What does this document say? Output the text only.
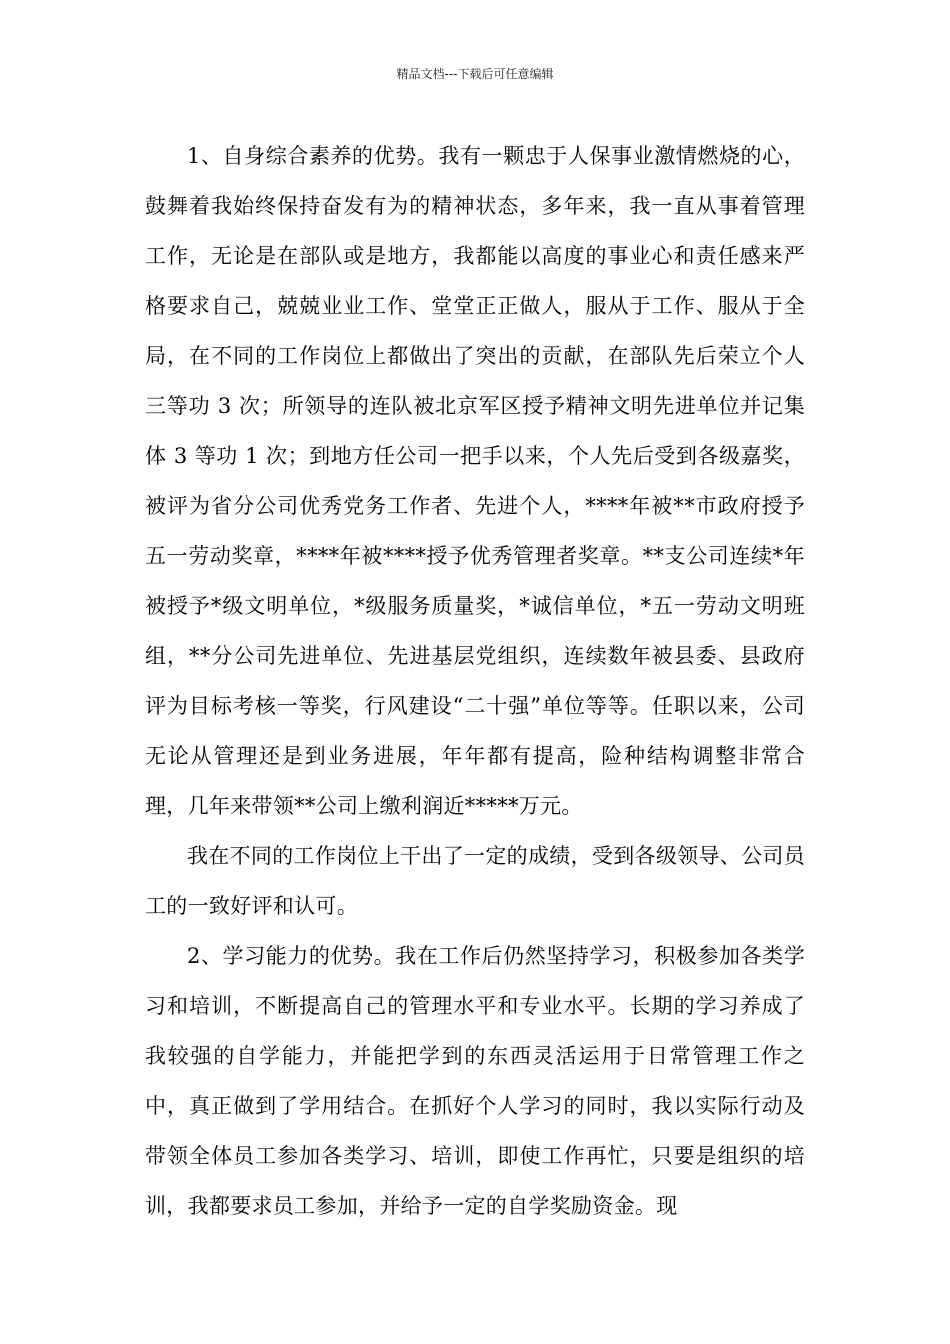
精品文档---下载后可任意编辑

1、自身综合素养的优势。我有一颗忠于人保事业激情燃烧的心，鼓舞着我始终保持奋发有为的精神状态，多年来，我一直从事着管理工作，无论是在部队或是地方，我都能以高度的事业心和责任感来严格要求自己，兢兢业业工作、堂堂正正做人，服从于工作、服从于全局，在不同的工作岗位上都做出了突出的贡献，在部队先后荣立个人三等功 3 次；所领导的连队被北京军区授予精神文明先进单位并记集体 3 等功 1 次；到地方任公司一把手以来，个人先后受到各级嘉奖，被评为省分公司优秀党务工作者、先进个人，****年被**市政府授予五一劳动奖章，****年被****授予优秀管理者奖章。**支公司连续*年被授予*级文明单位，*级服务质量奖，*诚信单位，*五一劳动文明班组，**分公司先进单位、先进基层党组织，连续数年被县委、县政府评为目标考核一等奖，行风建设“二十强”单位等等。任职以来，公司无论从管理还是到业务进展，年年都有提高，险种结构调整非常合理，几年来带领**公司上缴利润近*****万元。

我在不同的工作岗位上干出了一定的成绩，受到各级领导、公司员工的一致好评和认可。

2、学习能力的优势。我在工作后仍然坚持学习，积极参加各类学习和培训，不断提高自己的管理水平和专业水平。长期的学习养成了我较强的自学能力，并能把学到的东西灵活运用于日常管理工作之中，真正做到了学用结合。在抓好个人学习的同时，我以实际行动及带领全体员工参加各类学习、培训，即使工作再忙，只要是组织的培训，我都要求员工参加，并给予一定的自学奖励资金。现
